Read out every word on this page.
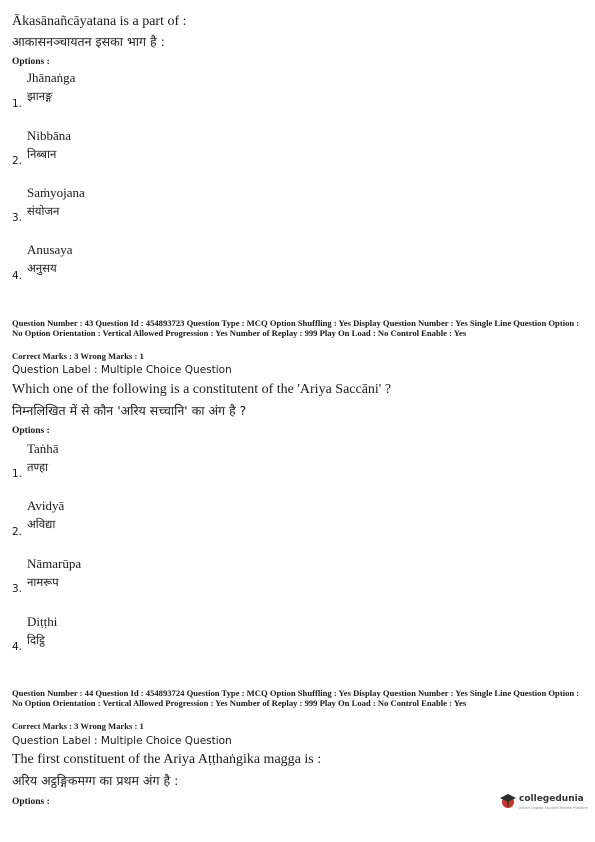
Ākasānañcāyatana is a part of :
आकासनञ्चायतन इसका भाग है :
Options :
Jhānaṅga
झानङ्ग
1.
Nibbāna
निब्बान
2.
Saṁyojana
संयोजन
3.
Anusaya
अनुसय
4.
Question Number : 43 Question Id : 454893723 Question Type : MCQ Option Shuffling : Yes Display Question Number : Yes Single Line Question Option : No Option Orientation : Vertical Allowed Progression : Yes Number of Replay : 999 Play On Load : No Control Enable : Yes
Correct Marks : 3 Wrong Marks : 1
Question Label : Multiple Choice Question
Which one of the following is a constitutent of the 'Ariya Saccāni' ?
निम्नलिखित में से कौन 'अरिय सच्चानि' का अंग है ?
Options :
Taṅhā
तण्हा
1.
Avidyā
अविद्या
2.
Nāmarūpa
नामरूप
3.
Diṭṭhi
दिट्ठि
4.
Question Number : 44 Question Id : 454893724 Question Type : MCQ Option Shuffling : Yes Display Question Number : Yes Single Line Question Option : No Option Orientation : Vertical Allowed Progression : Yes Number of Replay : 999 Play On Load : No Control Enable : Yes
Correct Marks : 3 Wrong Marks : 1
Question Label : Multiple Choice Question
The first constituent of the Ariya Aṭṭhaṅgika magga is :
अरिय अट्ठङ्गिकमग्ग का प्रथम अंग है :
Options :	collegedunia
India's largest Student Review Platform
